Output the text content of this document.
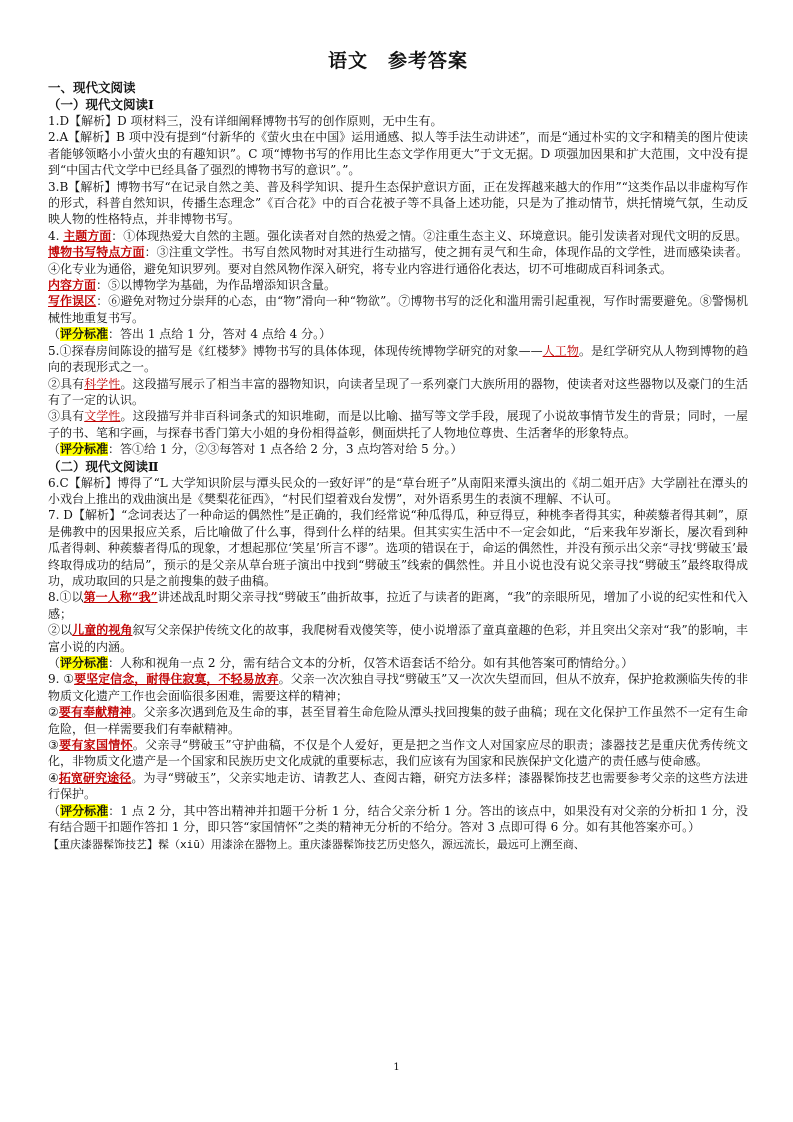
语文　参考答案
一、现代文阅读
（一）现代文阅读Ⅰ

1.D【解析】D 项材料三，没有详细阐释博物书写的创作原则，无中生有。

2.A【解析】B 项中没有提到“付新华的《萤火虫在中国》运用通感、拟人等手法生动讲述”，而是“通过朴实的文字和精美的图片使读者能够领略小小萤火虫的有趣知识”。C 项“博物书写的作用比生态文学作用更大”于文无据。D 项强加因果和扩大范围，文中没有提到“中国古代文学中已经具备了强烈的博物书写的意识”。”。

3.B【解析】博物书写“在记录自然之美、普及科学知识、提升生态保护意识方面，正在发挥越来越大的作用”“这类作品以非虚构写作的形式，科普自然知识，传播生态理念”《百合花》中的百合花被子等不具备上述功能，只是为了推动情节，烘托情境气氛，生动反映人物的性格特点，并非博物书写。

4. 主题方面：①体现热爱大自然的主题。强化读者对自然的热爱之情。②注重生态主义、环境意识。能引发读者对现代文明的反思。

博物书写特点方面：③注重文学性。书写自然风物时对其进行生动描写，使之拥有灵气和生命，体现作品的文学性，进而感染读者。④化专业为通俗，避免知识罗列。要对自然风物作深入研究，将专业内容进行通俗化表达，切不可堆砌成百科词条式。

内容方面：⑤以博物学为基础，为作品增添知识含量。

写作误区：⑥避免对物过分崇拜的心态，由“物”滑向一种“物欲”。⑦博物书写的泛化和滥用需引起重视，写作时需要避免。⑧警惕机械性地重复书写。

（评分标准：答出 1 点给 1 分，答对 4 点给 4 分。）

5.①探春房间陈设的描写是《红楼梦》博物书写的具体体现，体现传统博物学研究的对象——人工物。是红学研究从人物到博物的趋向的表现形式之一。

②具有科学性。这段描写展示了相当丰富的器物知识，向读者呈现了一系列豪门大族所用的器物，使读者对这些器物以及豪门的生活有了一定的认识。

③具有文学性。这段描写并非百科词条式的知识堆砌，而是以比喻、描写等文学手段，展现了小说故事情节发生的背景；同时，一屋子的书、笔和字画，与探春书香门第大小姐的身份相得益彰，侧面烘托了人物地位尊贵、生活奢华的形象特点。

（评分标准：答①给 1 分，②③每答对 1 点各给 2 分，3 点均答对给 5 分。）

（二）现代文阅读Ⅱ

6.C【解析】博得了“L 大学知识阶层与潭头民众的一致好评”的是“草台班子”从南阳来潭头演出的《胡二姐开店》大学剧社在潭头的小戏台上推出的戏曲演出是《樊梨花征西》，“村民们望着戏台发愣”，对外语系男生的表演不理解、不认可。

7. D【解析】“念词表达了一种命运的偶然性”是正确的，我们经常说“种瓜得瓜，种豆得豆，种桃李者得其实，种蒺藜者得其刺”，原是佛教中的因果报应关系，后比喻做了什么事，得到什么样的结果。但其实实生活中不一定会如此，“后来我年岁渐长，屡次看到种瓜者得刺、种蒺藜者得瓜的现象，才想起那位‘笑星’所言不谬”。选项的错误在于，命运的偶然性，并没有预示出父亲“寻找‘劈破玉’最终取得成功的结局”，预示的是父亲从草台班子演出中找到“劈破玉”线索的偶然性。并且小说也没有说父亲寻找“劈破玉”最终取得成功，成功取回的只是之前搜集的鼓子曲稿。

8.①以第一人称“我”讲述战乱时期父亲寻找“劈破玉”曲折故事，拉近了与读者的距离，“我”的亲眼所见，增加了小说的纪实性和代入感；

②以儿童的视角叙写父亲保护传统文化的故事，我爬树看戏傻笑等，使小说增添了童真童趣的色彩，并且突出父亲对“我”的影响，丰富小说的内涵。

（评分标准：人称和视角一点 2 分，需有结合文本的分析，仅答术语套话不给分。如有其他答案可酌情给分。）

9. ①要坚定信念，耐得住寂寞，不轻易放弃。父亲一次次独自寻找“劈破玉”又一次次失望而回，但从不放弃，保护抢救濒临失传的非物质文化遗产工作也会面临很多困难，需要这样的精神；

②要有奉献精神。父亲多次遇到危及生命的事，甚至冒着生命危险从潭头找回搜集的鼓子曲稿；现在文化保护工作虽然不一定有生命危险，但一样需要我们有奉献精神。

③要有家国情怀。父亲寻“劈破玉”守护曲稿，不仅是个人爱好，更是把之当作文人对国家应尽的职责；漆器技艺是重庆优秀传统文化，非物质文化遗产是一个国家和民族历史文化成就的重要标志，我们应该有为国家和民族保护文化遗产的责任感与使命感。

④拓宽研究途径。为寻“劈破玉”，父亲实地走访、请教艺人、查阅古籍，研究方法多样；漆器髹饰技艺也需要参考父亲的这些方法进行保护。

（评分标准：1 点 2 分，其中答出精神并扣题干分析 1 分，结合父亲分析 1 分。答出的该点中，如果没有对父亲的分析扣 1 分，没有结合题干扣题作答扣 1 分，即只答“家国情怀”之类的精神无分析的不给分。答对 3 点即可得 6 分。如有其他答案亦可。）

【重庆漆器髹饰技艺】髹（xiū）用漆涂在器物上。重庆漆器髹饰技艺历史悠久，源远流长，最远可上溯至商、

1
